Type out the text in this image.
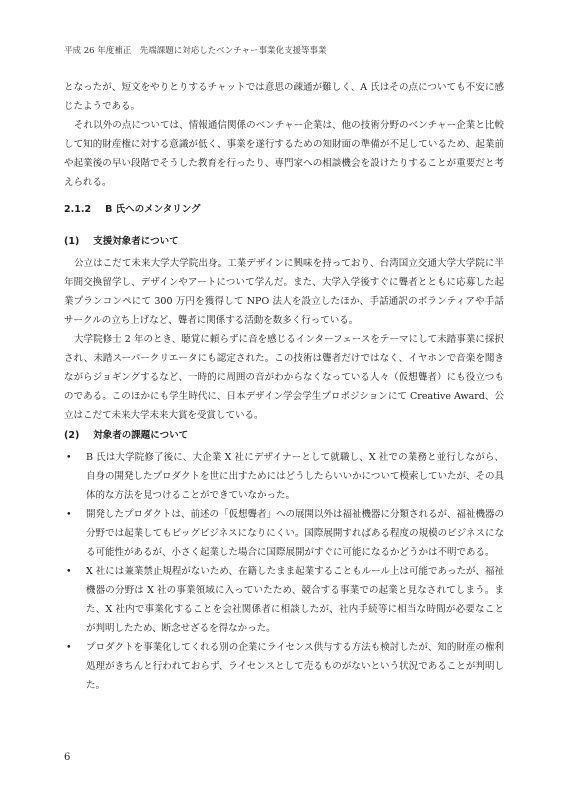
平成 26 年度補正　先端課題に対応したベンチャー事業化支援等事業

となったが、短文をやりとりするチャットでは意思の疎通が難しく、A 氏はその点についても不安に感じたようである。

それ以外の点については、情報通信関係のベンチャー企業は、他の技術分野のベンチャー企業と比較して知的財産権に対する意識が低く、事業を遂行するための知財面の準備が不足しているため、起業前や起業後の早い段階でそうした教育を行ったり、専門家への相談機会を設けたりすることが重要だと考えられる。

2.1.2 B 氏へのメンタリング

(1) 支援対象者について

公立はこだて未来大学大学院出身。工業デザインに興味を持っており、台湾国立交通大学大学院に半年間交換留学し、デザインやアートについて学んだ。また、大学入学後すぐに聾者とともに応募した起業プランコンペにて 300 万円を獲得して NPO 法人を設立したほか、手話通訳のボランティアや手話サークルの立ち上げなど、聾者に関係する活動を数多く行っている。

大学院修士 2 年のとき、聴覚に頼らずに音を感じるインターフェースをテーマにして未踏事業に採択され、未踏スーパークリエータにも認定された。この技術は聾者だけではなく、イヤホンで音楽を聞きながらジョギングするなど、一時的に周囲の音がわからなくなっている人々（仮想聾者）にも役立つものである。このほかにも学生時代に、日本デザイン学会学生プロポジションにて Creative Award、公立はこだて未来大学未来大賞を受賞している。

(2) 対象者の課題について

• B 氏は大学院修了後に、大企業 X 社にデザイナーとして就職し、X 社での業務と並行しながら、自身の開発したプロダクトを世に出すためにはどうしたらいいかについて模索していたが、その具体的な方法を見つけることができていなかった。
• 開発したプロダクトは、前述の「仮想聾者」への展開以外は福祉機器に分類されるが、福祉機器の分野では起業してもビッグビジネスになりにくい。国際展開すればある程度の規模のビジネスになる可能性があるが、小さく起業した場合に国際展開がすぐに可能になるかどうかは不明である。
• X 社には兼業禁止規程がないため、在籍したまま起業することもルール上は可能であったが、福祉機器の分野は X 社の事業領域に入っていたため、競合する事業での起業と見なされてしまう。また、X 社内で事業化することを会社関係者に相談したが、社内手続等に相当な時間が必要なことが判明したため、断念せざるを得なかった。
• プロダクトを事業化してくれる別の企業にライセンス供与する方法も検討したが、知的財産の権利処理がきちんと行われておらず、ライセンスとして売るものがないという状況であることが判明した。
6
